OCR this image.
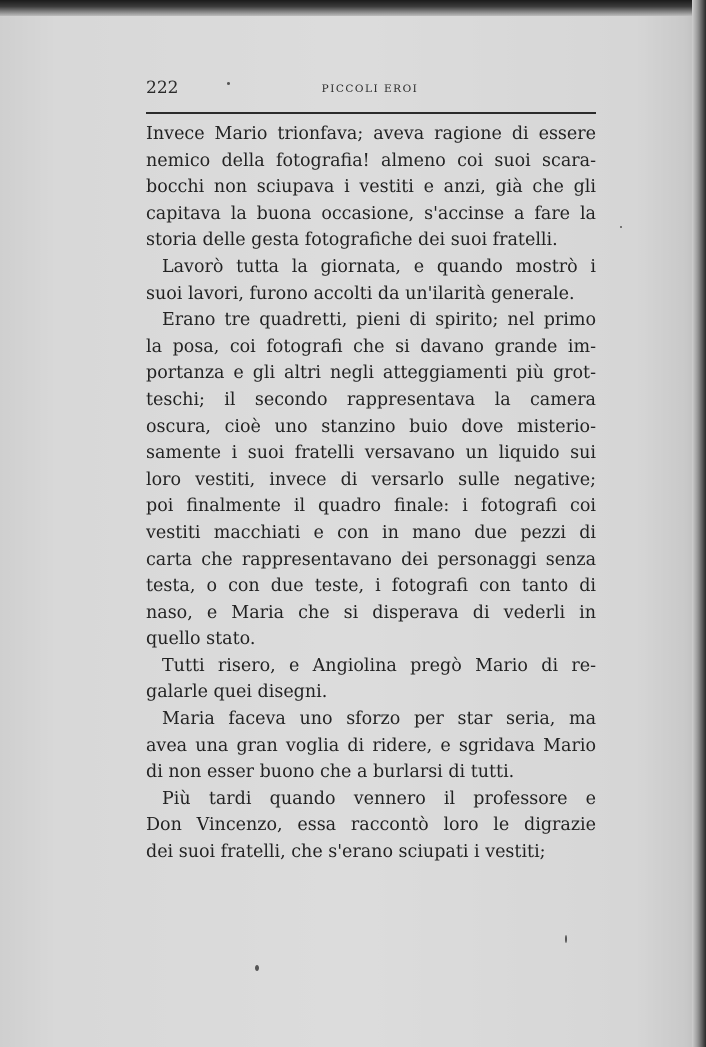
222	PICCOLI EROI
Invece Mario trionfava; aveva ragione di essere
nemico della fotografia! almeno coi suoi scara-
bocchi non sciupava i vestiti e anzi, già che gli
capitava la buona occasione, s'accinse a fare la
storia delle gesta fotografiche dei suoi fratelli.
Lavorò tutta la giornata, e quando mostrò i
suoi lavori, furono accolti da un'ilarità generale.
Erano tre quadretti, pieni di spirito; nel primo
la posa, coi fotografi che si davano grande im-
portanza e gli altri negli atteggiamenti più grot-
teschi; il secondo rappresentava la camera
oscura, cioè uno stanzino buio dove misterio-
samente i suoi fratelli versavano un liquido sui
loro vestiti, invece di versarlo sulle negative;
poi finalmente il quadro finale: i fotografi coi
vestiti macchiati e con in mano due pezzi di
carta che rappresentavano dei personaggi senza
testa, o con due teste, i fotografi con tanto di
naso, e Maria che si disperava di vederli in
quello stato.
Tutti risero, e Angiolina pregò Mario di re-
galarle quei disegni.
Maria faceva uno sforzo per star seria, ma
avea una gran voglia di ridere, e sgridava Mario
di non esser buono che a burlarsi di tutti.
Più tardi quando vennero il professore e
Don Vincenzo, essa raccontò loro le digrazie
dei suoi fratelli, che s'erano sciupati i vestiti;
